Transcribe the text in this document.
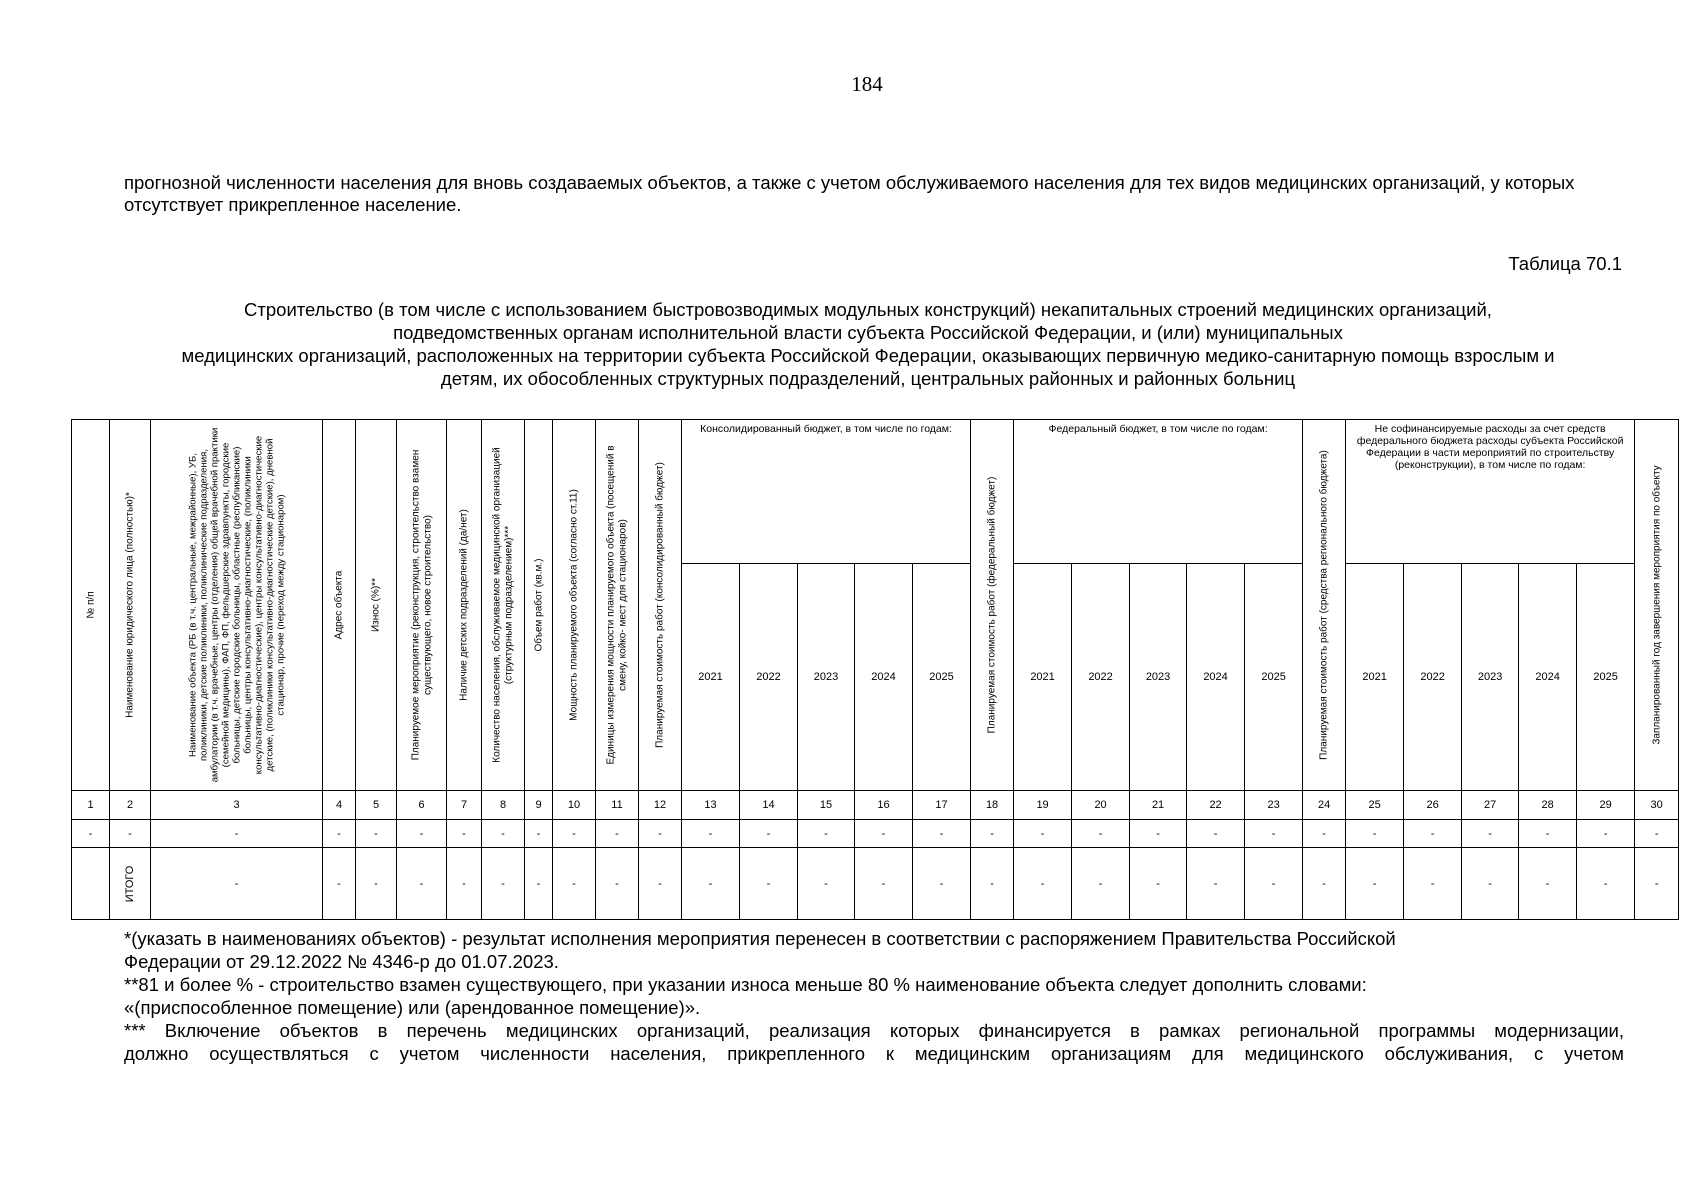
184
прогнозной численности населения для вновь создаваемых объектов, а также с учетом обслуживаемого населения для тех видов медицинских организаций, у которых отсутствует прикрепленное население.
Таблица 70.1
Строительство (в том числе с использованием быстровозводимых модульных конструкций) некапитальных строений медицинских организаций,
подведомственных органам исполнительной власти субъекта Российской Федерации, и (или) муниципальных
медицинских организаций, расположенных на территории субъекта Российской Федерации, оказывающих первичную медико-санитарную помощь взрослым и
детям, их обособленных структурных подразделений, центральных районных и районных больниц
№ п/п	Наименование юридического лица (полностью)*	Наименование объекта (РБ (в т.ч. центральные, межрайонные), УБ, поликлиники, детские поликлиники, поликлинические подразделения, амбулатории (в т.ч. врачебные, центры (отделения) общей врачебной практики (семейной медицины), ФАП, ФП, фельдшерские здравпункты, городские больницы, детские городские больницы, областные (республиканские) больницы, центры консультативно-диагностические, (поликлиники консультативно-диагностические), центры консультативно-диагностические детские, (поликлиники консультативно-диагностические детские), дневной стационар, прочие (переход между стационаром)	Адрес объекта	Износ (%)**	Планируемое мероприятие (реконструкция, строительство взамен существующего, новое строительство)	Наличие детских подразделений (да/нет)	Количество населения, обслуживаемое медицинской организацией (структурным подразделением)***	Объем работ (кв.м.)	Мощность планируемого объекта (согласно ст.11)	Единицы измерения мощности планируемого объекта (посещений в смену, койко- мест для стационаров)	Планируемая стоимость работ (консолидированный бюджет)	Консолидированный бюджет, в том числе по годам:					Планируемая стоимость работ (федеральный бюджет)	Федеральный бюджет, в том числе по годам:					Планируемая стоимость работ (средства регионального бюджета)	Не софинансируемые расходы за счет средств федерального бюджета расходы субъекта Российской Федерации в части мероприятий по строительству (реконструкции), в том числе по годам:					Запланированный год завершения мероприятия по объекту

												2021	2022	2023	2024	2025		2021	2022	2023	2024	2025		2021	2022	2023	2024	2025	
1	2	3	4	5	6	7	8	9	10	11	12	13	14	15	16	17	18	19	20	21	22	23	24	25	26	27	28	29	30
-	-	-	-	-	-	-	-	-	-	-	-	-	-	-	-	-	-	-	-	-	-	-	-	-	-	-	-	-	-

	ИТОГО	-	-	-	-	-	-	-	-	-	-	-	-	-	-	-	-	-	-	-	-	-	-	-	-	-	-	-	-
*(указать в наименованиях объектов) - результат исполнения мероприятия перенесен в соответствии с распоряжением Правительства Российской
Федерации от 29.12.2022 № 4346-р до 01.07.2023.
**81 и более % - строительство взамен существующего, при указании износа меньше 80 % наименование объекта следует дополнить словами:
«(приспособленное помещение) или (арендованное помещение)».
*** Включение объектов в перечень медицинских организаций, реализация которых финансируется в рамках региональной программы модернизации,
должно осуществляться с учетом численности населения, прикрепленного к медицинским организациям для медицинского обслуживания, с учетом
